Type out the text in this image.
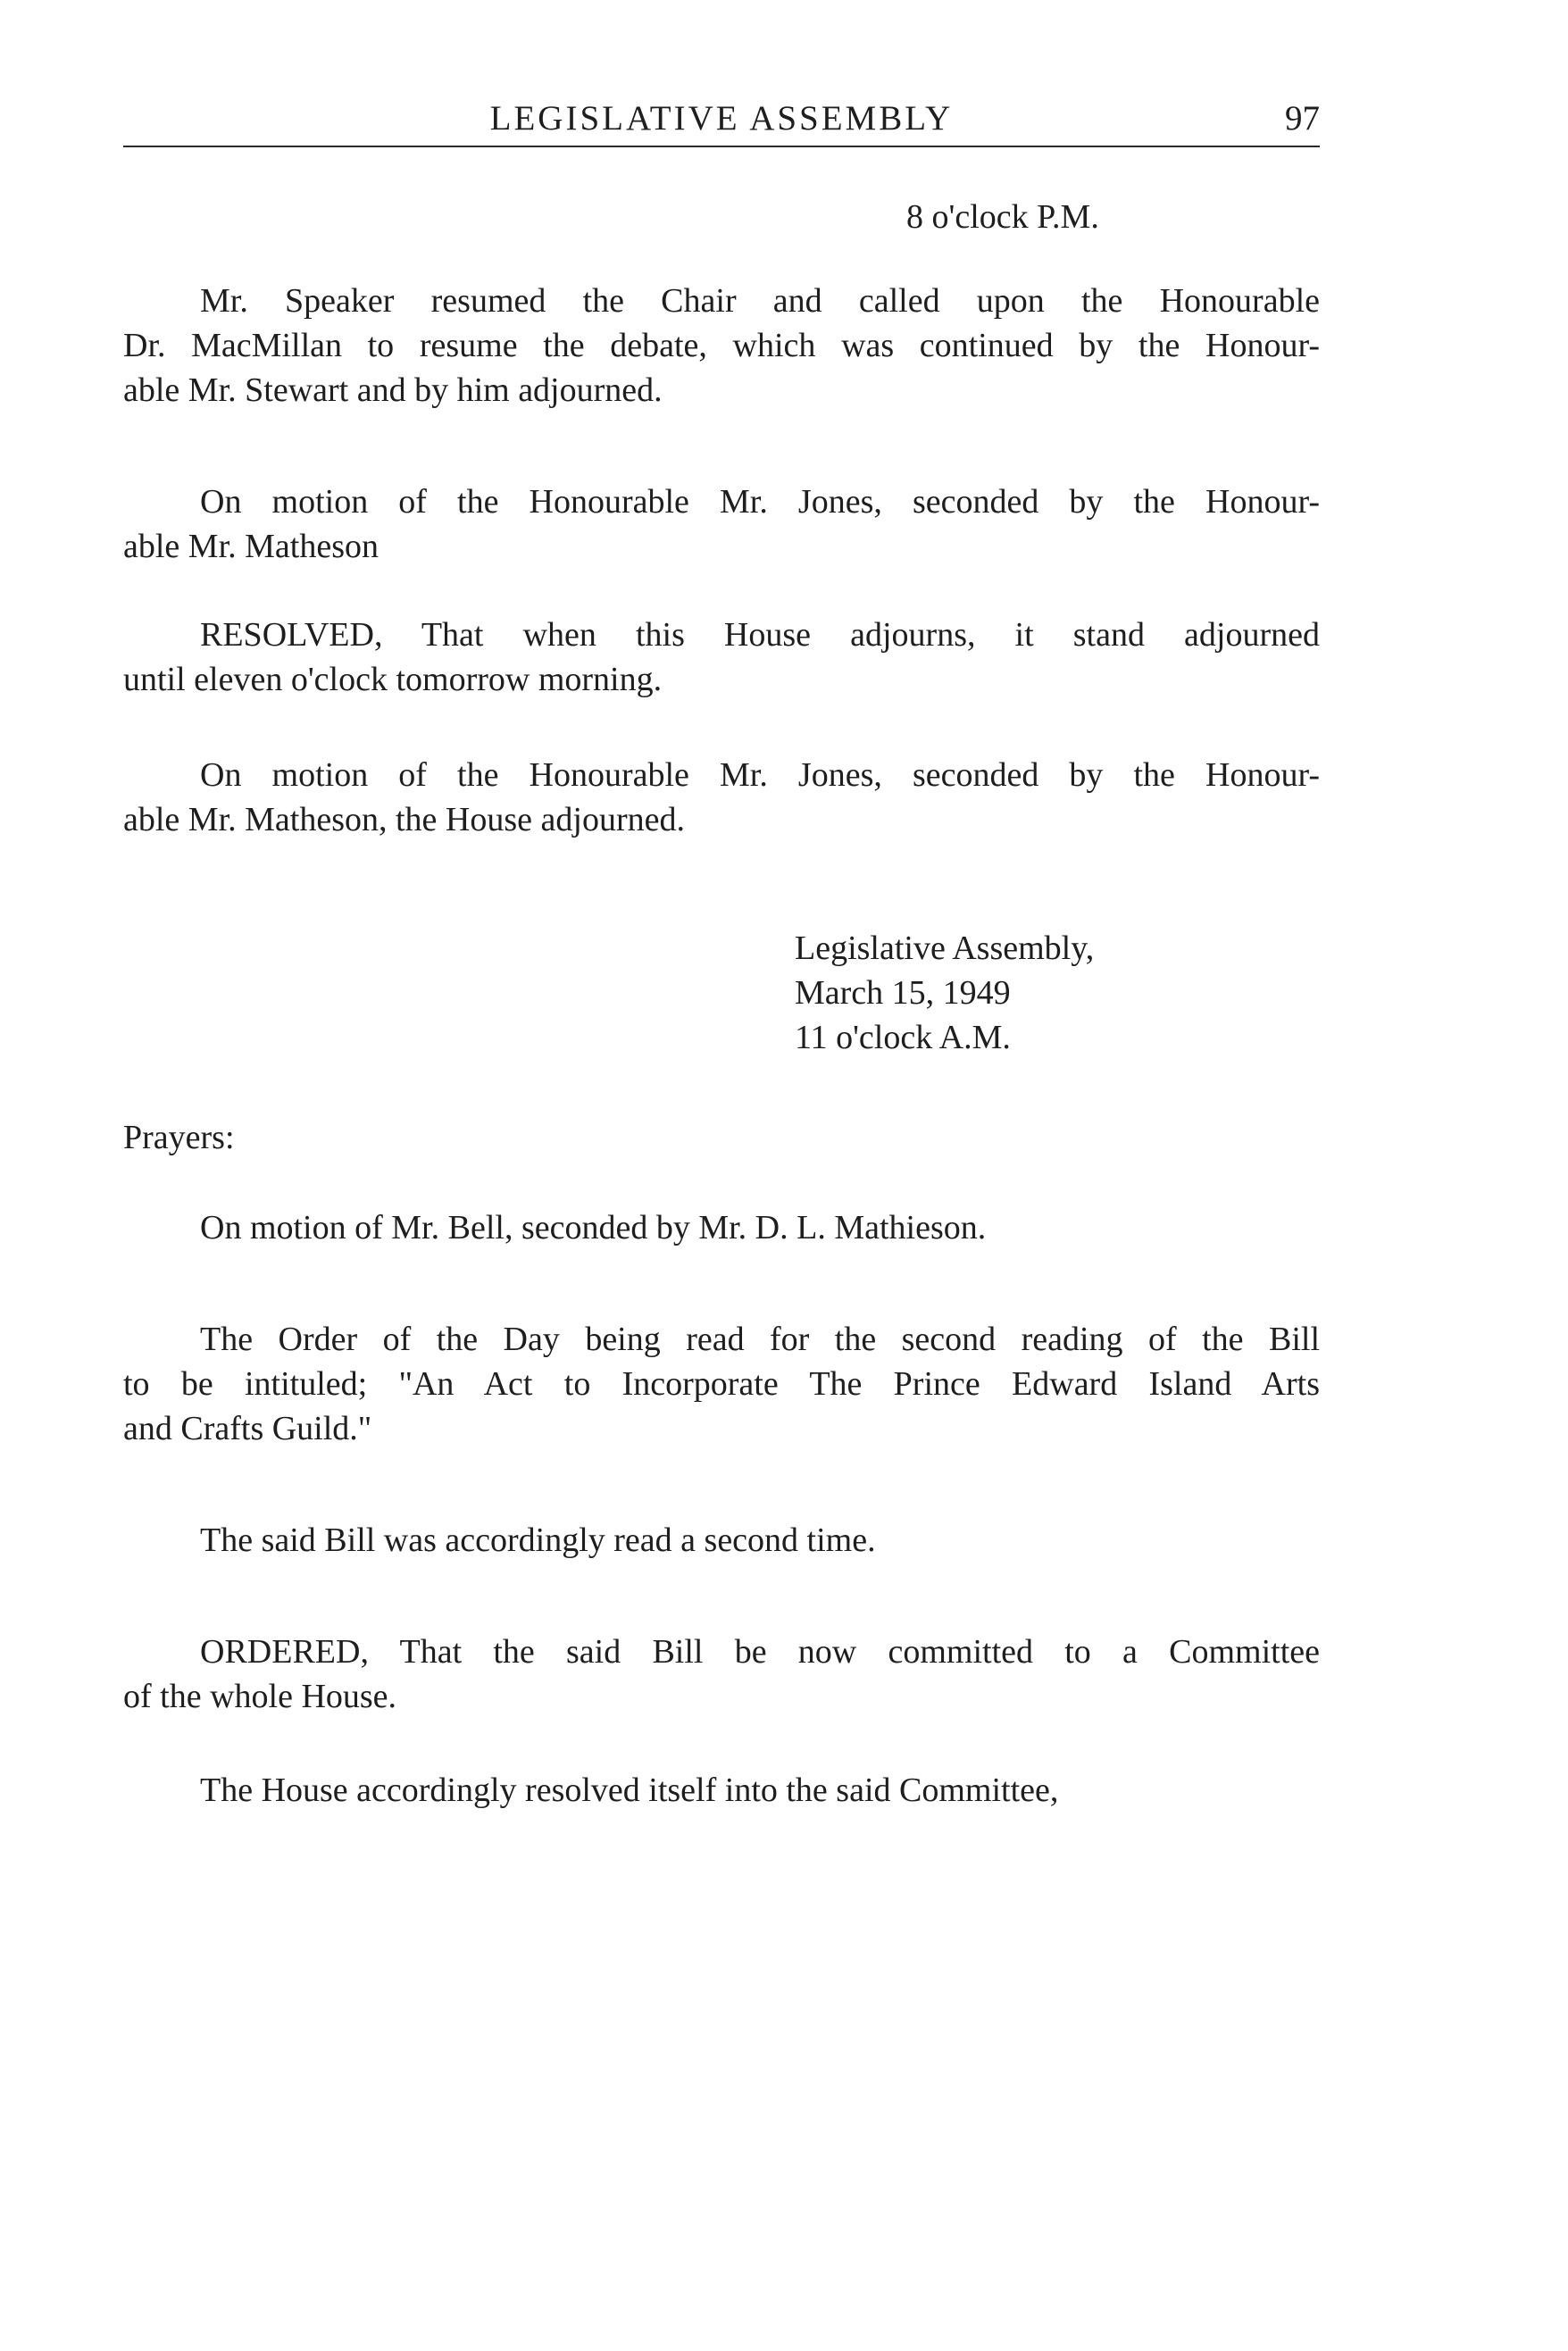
LEGISLATIVE ASSEMBLY	97
8 o'clock P.M.
Mr. Speaker resumed the Chair and called upon the Honourable
Dr. MacMillan to resume the debate, which was continued by the Honour-
able Mr. Stewart and by him adjourned.
On motion of the Honourable Mr. Jones, seconded by the Honour-
able Mr. Matheson
RESOLVED, That when this House adjourns, it stand adjourned
until eleven o'clock tomorrow morning.
On motion of the Honourable Mr. Jones, seconded by the Honour-
able Mr. Matheson, the House adjourned.
Legislative Assembly,
March 15, 1949
11 o'clock A.M.
Prayers:
On motion of Mr. Bell, seconded by Mr. D. L. Mathieson.
The Order of the Day being read for the second reading of the Bill
to be intituled; "An Act to Incorporate The Prince Edward Island Arts
and Crafts Guild."
The said Bill was accordingly read a second time.
ORDERED, That the said Bill be now committed to a Committee
of the whole House.
The House accordingly resolved itself into the said Committee,
